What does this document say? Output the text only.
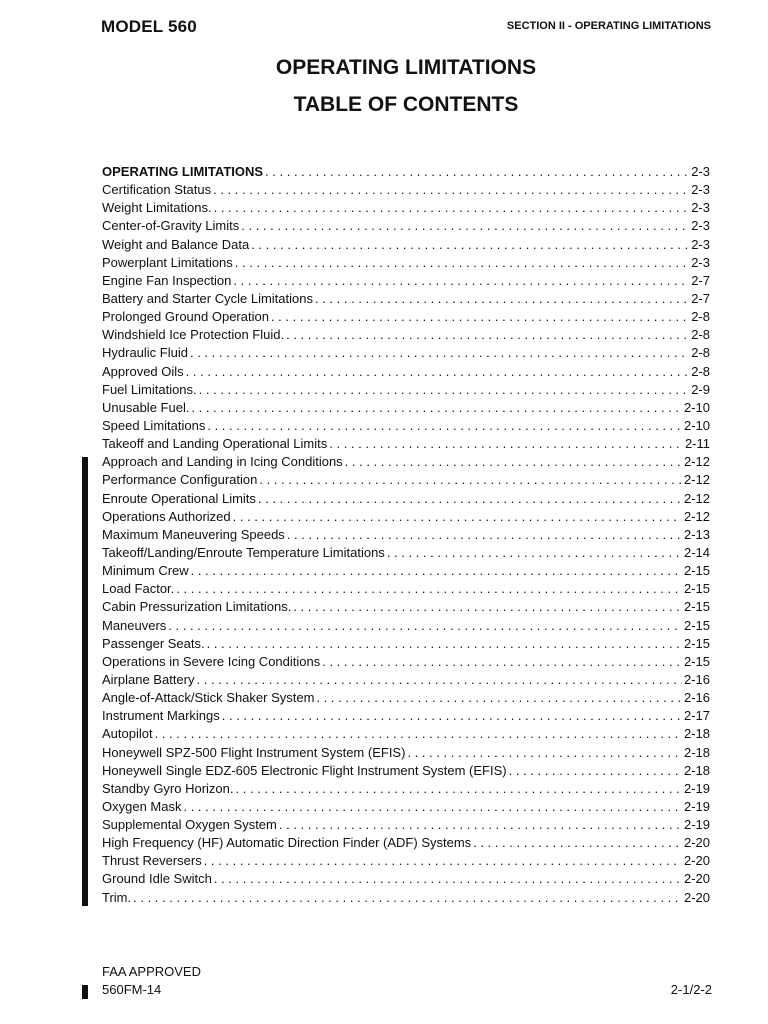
MODEL 560	SECTION II - OPERATING LIMITATIONS
OPERATING LIMITATIONS
TABLE OF CONTENTS
OPERATING LIMITATIONS . . .	2-3
Certification Status . . .	2-3
Weight Limitations. . . .	2-3
Center-of-Gravity Limits . . .	2-3
Weight and Balance Data . . .	2-3
Powerplant Limitations . . .	2-3
Engine Fan Inspection . . .	2-7
Battery and Starter Cycle Limitations . . .	2-7
Prolonged Ground Operation . . .	2-8
Windshield Ice Protection Fluid. . . .	2-8
Hydraulic Fluid . . .	2-8
Approved Oils . . .	2-8
Fuel Limitations. . . .	2-9
Unusable Fuel. . . .	2-10
Speed Limitations . . .	2-10
Takeoff and Landing Operational Limits . . .	2-11
Approach and Landing in Icing Conditions . . .	2-12
Performance Configuration . . .	2-12
Enroute Operational Limits . . .	2-12
Operations Authorized . . .	2-12
Maximum Maneuvering Speeds . . .	2-13
Takeoff/Landing/Enroute Temperature Limitations . . .	2-14
Minimum Crew . . .	2-15
Load Factor. . . .	2-15
Cabin Pressurization Limitations. . . .	2-15
Maneuvers . . .	2-15
Passenger Seats. . . .	2-15
Operations in Severe Icing Conditions . . .	2-15
Airplane Battery . . .	2-16
Angle-of-Attack/Stick Shaker System . . .	2-16
Instrument Markings . . .	2-17
Autopilot . . .	2-18
Honeywell SPZ-500 Flight Instrument System (EFIS) . . .	2-18
Honeywell Single EDZ-605 Electronic Flight Instrument System (EFIS) . . .	2-18
Standby Gyro Horizon. . . .	2-19
Oxygen Mask . . .	2-19
Supplemental Oxygen System . . .	2-19
High Frequency (HF) Automatic Direction Finder (ADF) Systems . . .	2-20
Thrust Reversers . . .	2-20
Ground Idle Switch . . .	2-20
Trim. . . .	2-20
FAA APPROVED
560FM-14	2-1/2-2
